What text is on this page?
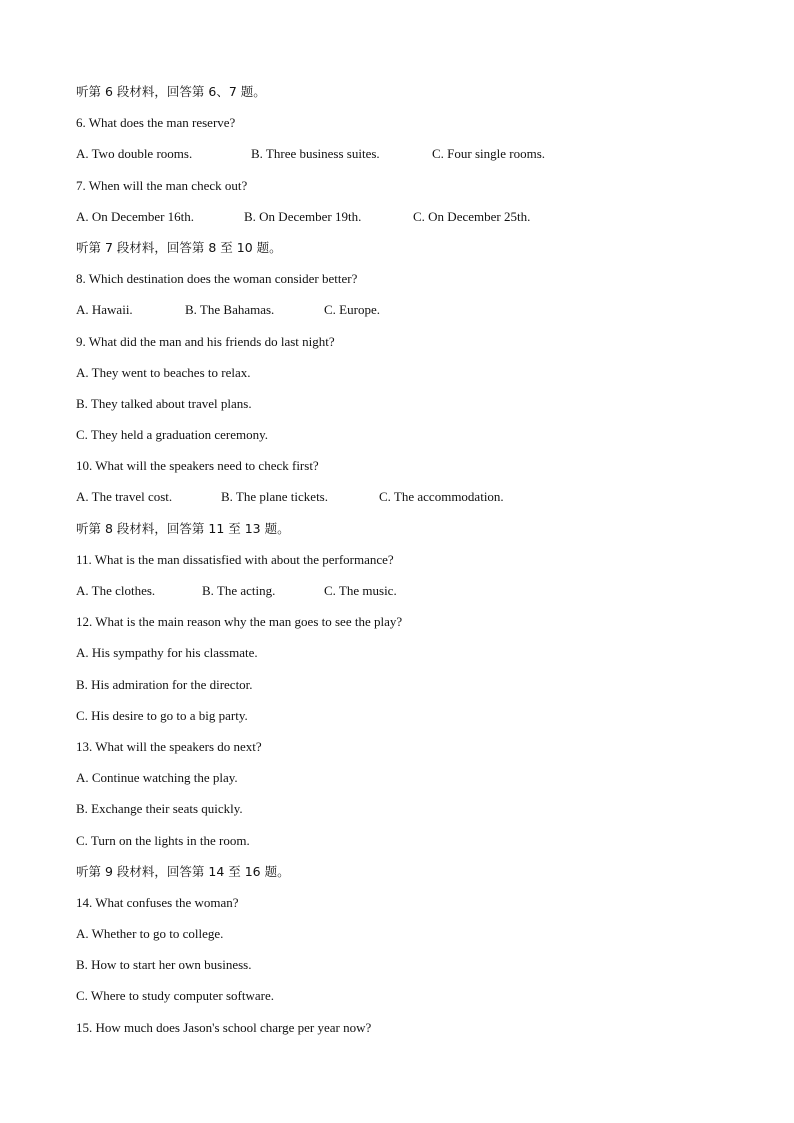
听第 6 段材料，回答第 6、7 题。
6. What does the man reserve?
A. Two double rooms.	B. Three business suites.	C. Four single rooms.
7. When will the man check out?
A. On December 16th.	B. On December 19th.	C. On December 25th.
听第 7 段材料，回答第 8 至 10 题。
8. Which destination does the woman consider better?
A. Hawaii.	B. The Bahamas.	C. Europe.
9. What did the man and his friends do last night?
A. They went to beaches to relax.
B. They talked about travel plans.
C. They held a graduation ceremony.
10. What will the speakers need to check first?
A. The travel cost.	B. The plane tickets.	C. The accommodation.
听第 8 段材料，回答第 11 至 13 题。
11. What is the man dissatisfied with about the performance?
A. The clothes.	B. The acting.	C. The music.
12. What is the main reason why the man goes to see the play?
A. His sympathy for his classmate.
B. His admiration for the director.
C. His desire to go to a big party.
13. What will the speakers do next?
A. Continue watching the play.
B. Exchange their seats quickly.
C. Turn on the lights in the room.
听第 9 段材料，回答第 14 至 16 题。
14. What confuses the woman?
A. Whether to go to college.
B. How to start her own business.
C. Where to study computer software.
15. How much does Jason's school charge per year now?
